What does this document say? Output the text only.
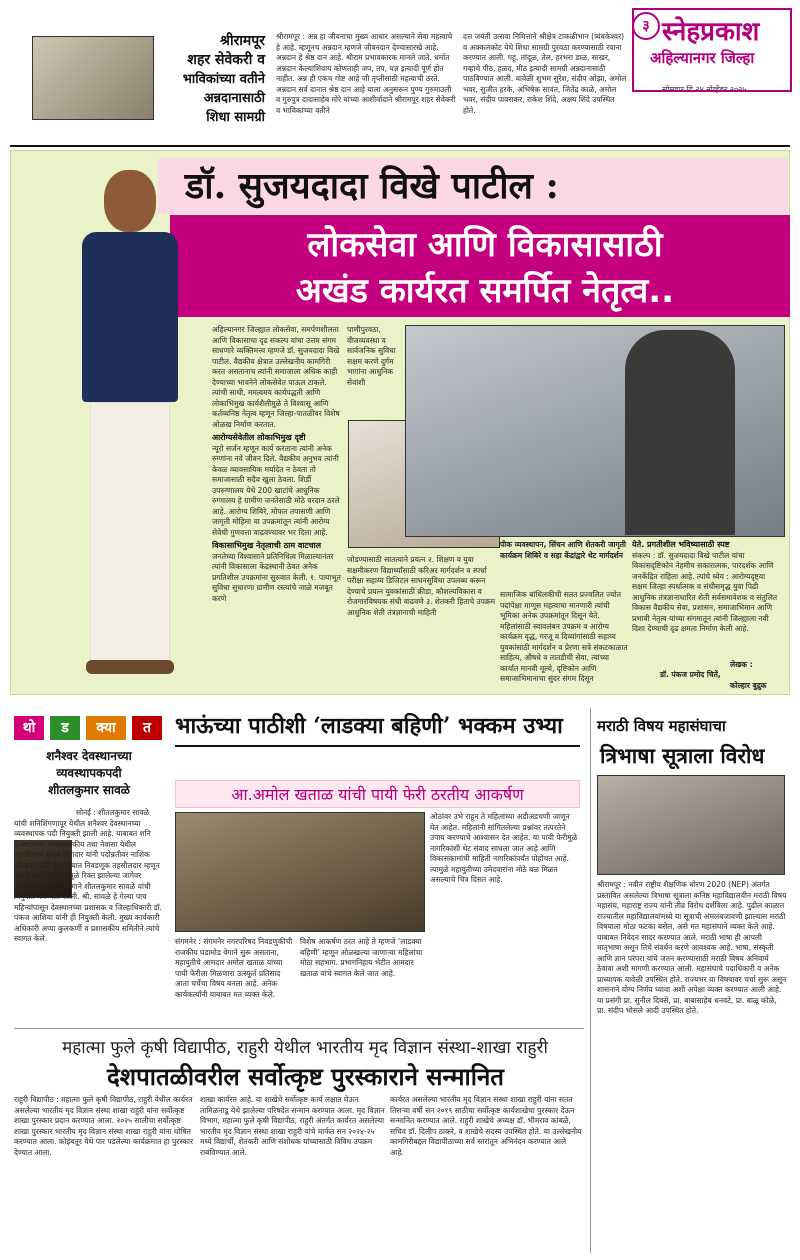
श्रीरामपूर
शहर सेवेकरी व
भाविकांच्या वतीने
अन्नदानासाठी
शिधा सामग्री
श्रीरामपूर : अन्न हा जीवनाचा मुख्य आधार असल्याने सेवा महत्वाचे हे आहे. म्हणूनच अन्नदान म्हणजे जीवनदान देण्यासारखे आहे. अन्नदान हे श्रेष्ठ दान आहे. श्रीराम प्रभावकारक मानले जाते. धर्मात अन्नदान केल्याशिवाय कोणताही जप, तप, यज्ञ इत्यादी पूर्ण होत नाहीत. अन्न ही एकच गोष्ट आहे जी तृप्तीसाठी महत्वाची ठरते. अन्नदान सर्व दानात श्रेष्ठ दान आहे याला अनुसरून पुण्य गुरुमाउली व गुरुपुत्र दादासाहेब मोरे यांच्या आशीर्वादाने श्रीरामपूर शहर सेवेकरी व भाविकांच्या वतीने
दत्त जयंती उत्सवा निमित्ताने श्रीक्षेत्र टाकळीभान (त्र्यंबकेश्वर) व अक्कलकोट येथे शिधा सामग्री पुरवठा करण्यासाठी रवाना करण्यात आली. गहू, तांदूळ, तेल, हरभरा डाळ, साखर, गव्हाचे पीठ, हळद, मीठ इत्यादी सामग्री अन्नदानासाठी पाठविण्यात आली. यावेळी शुभम सुरेश, संदीप ओझा, अमोल भवर, सुजीत हरके, अभिषेक सावंत, जितेंद्र काळे, अमोल भवर, संदीप पावसकर, राकेश शिंदे, अक्षय शिंदे उपस्थित होते.
३ स्नेहप्रकाश
अहिल्यानगर जिल्हा
सोमवार दि.२४ नोव्हेंबर २०२५
डॉ. सुजयदादा विखे पाटील :
लोकसेवा आणि विकासासाठी
अखंड कार्यरत समर्पित नेतृत्व..
अहिल्यानगर जिल्ह्यात लोकसेवा, समर्पणशीलता आणि विकासाचा दृढ संकल्प यांचा उत्तम संगम साधणारे व्यक्तिमत्त्व म्हणजे डॉ. सुजयदादा विखे पाटील. वैद्यकीय क्षेत्रात उल्लेखनीय कामगिरी करत असतानाच त्यांनी समाजाला अधिक काही देण्याच्या भावनेने लोकसेवेत पाऊल टाकले. त्यांची साधी, ममत्वमय कार्यपद्धती आणि लोकाभिमुख कार्यशैलीमुळे ते विश्वासू आणि कर्तव्यनिष्ठ नेतृत्व म्हणून जिल्हा-पातळीवर विशेष ओळख निर्माण करतात.
आरोग्यसेवेतील लोकाभिमुख दृष्टी
न्यूरो सर्जन म्हणून कार्य करताना त्यांनी अनेक रुग्णांना नवे जीवन दिले. वैद्यकीय अनुभव त्यांनी केवळ व्यावसायिक मर्यादेत न ठेवता तो समाजासाठी सदैव खुला ठेवला. शिर्डी उपरुग्णालय येथे 200 खाटांचे आधुनिक रुग्णालय हे ग्रामीण जनतेसाठी मोठे वरदान ठरले आहे. आरोग्य शिबिरे, मोफत तपासणी आणि जागृती मोहिमा या उपक्रमांतून त्यांनी आरोग्य सेवेची गुणवत्ता वाढवण्यावर भर दिला आहे.
विकासाभिमुख नेतृत्वाची ठाम वाटचाल
जनतेच्या विश्वासाने प्रतिनिधित्व मिळाल्यानंतर त्यांनी विकासाला केंद्रस्थानी ठेवत अनेक प्रगतिशील उपक्रमांना सुरुवात केली. १. पायाभूत सुविधा सुधारणा ग्रामीण रस्त्यांचे जाळे मजबूत करणे
पाणीपुरवठा, वीजव्यवस्था व सार्वजनिक सुविधा सक्षम करणे दुर्गम भागांना आधुनिक सेवांशी
जोडण्यासाठी सातत्याने प्रयत्न २. शिक्षण व युवा सक्षमीकरण विद्यार्थ्यांसाठी करिअर मार्गदर्शन व स्पर्धा परीक्षा सहाय्य डिजिटल साधनसुविधा उपलब्ध करून देण्याचे प्रयत्न युवकांसाठी क्रीडा, कौशल्यविकास व रोजगारविषयक संधी वाढवणे ३. शेतकरी हिताचे उपक्रम आधुनिक शेती तंत्रज्ञानाची माहिती
पीक व्यवस्थापन, सिंचन आणि शेतकरी जागृती कार्यक्रम शिबिरे व सहा केंद्रांद्वारे थेट मार्गदर्शन
सामाजिक बांधिलकीची सतत प्रज्वलित ज्योत पदांपेक्षा माणूस महत्वाचा मानणारी त्यांची भूमिका अनेक उपक्रमांतून दिसून येते. महिलांसाठी स्वावलंबन उपक्रम व आरोग्य कार्यक्रम वृद्ध, गरजू व दिव्यांगांसाठी सहाय्य युवकांसाठी मार्गदर्शन व प्रेरणा सत्रे संकटकाळात साहित्य, औषधे व तातडीची सेवा, त्यांच्या कार्यात मानवी मूल्ये, दृष्टिकोन आणि समाजाभिमानाचा सुंदर संगम दिसून
येते. प्रगतीशील भविष्यासाठी स्पष्ट
संकल्प : डॉ. सुजयदादा विखे पाटील यांचा विकासदृष्टिकोन नेहमीच सकारात्मक, पारदर्शक आणि जनकेंद्रित राहिला आहे. त्यांचे ध्येय : आरोग्यदृष्ट्या सक्षम जिल्हा स्पर्धात्मक व संधीसमृद्ध युवा पिढी आधुनिक तंत्रज्ञानाधारित शेती सर्वसमावेशक व संतुलित विकास वैद्यकीय सेवा, प्रशासन, समाजाभिमान आणि प्रभावी नेतृत्व यांच्या संगमातून त्यांनी जिल्ह्याला नवी दिशा देण्याची दृढ क्षमता निर्माण केली आहे.
लेखक :
डॉ. पंकज प्रमोद चितें,
कोल्हार बुद्रुक
थो	ड	क्या	त
शनैश्वर देवस्थानच्या
व्यवस्थापकपदी
शीतलकुमार सावळे
सोनई : शीतलकुमार सावळे यांची शनिशिंगणापूर येथील शनैश्वर देवस्थानच्या व्यवस्थापक पदी नियुक्ती झाली आहे. याबाबत शनि देवस्थानच्या व्यवस्थापकीय तथा नेवासा येथील तहसीलदार संजय बिरादार यांनी पदोन्नतीवर नाशिक जिल्हाधिकारी कार्यालयात निवडणूक तहसीलदार म्हणून बदली झाली असल्यामुळे रिक्त झालेल्या जागेवर तहसीलदार संघ आयोगाने शीतलकुमार सावळे यांची नियुक्ती करण्यात आली. श्री. सावळे हे गेल्या पाच महिन्यांपासून देवस्थानच्या प्रशासक व जिल्हाधिकारी डॉ. पंकज आशिया यांनी ही नियुक्ती केली. मुख्य कार्यकारी अधिकारी अप्पा कुलकर्णी व प्रशासकीय समितीने त्यांचे स्वागत केले.
भाऊंच्या पाठीशी ‘लाडक्या बहिणी’ भक्कम उभ्या
आ.अमोल खताळ यांची पायी फेरी ठरतीय आकर्षण
ओठांवर उभे राहून ते महिलांच्या अडीअडचणी जाणून घेत आहेत. महिलांनी सांगितलेल्या प्रश्नांवर तत्परतेने उपाय करण्याचे आश्वासन देत आहेत. या पायी फेरीमुळे नागरिकांशी थेट संवाद साधला जात आहे आणि विकासकामांची माहिती नागरिकांपर्यंत पोहोचत आहे. त्यामुळे महायुतीच्या उमेदवारांना मोठे बळ मिळत असल्याचे चित्र दिसत आहे.
संगमनेर : संगमनेर नगरपरिषद निवडणुकीची राजकीय घडामोड वेगाने सुरू असताना, महायुतीचे आमदार अमोल खताळ यांच्या पायी फेरीला मिळणारा उत्स्फूर्त प्रतिसाद आता चर्चेचा विषय बनला आहे. अनेक कार्यकर्त्यांनी याबाबत मत व्यक्त केले.
विशेष आकर्षण ठरत आहे ते म्हणजे ‘लाडक्या बहिणी’ म्हणून ओळखल्या जाणाऱ्या महिलांचा मोठा सहभाग. प्रभागनिहाय भेटीत आमदार खताळ यांचे स्वागत केले जात आहे.
मराठी विषय महासंघाचा
त्रिभाषा सूत्राला विरोध
श्रीरामपूर : नवीन राष्ट्रीय शैक्षणिक धोरण 2020 (NEP) अंतर्गत प्रस्तावित असलेल्या त्रिभाषा सूत्राला कनिष्ठ महाविद्यालयीन मराठी विषय महासंघ, महाराष्ट्र राज्य यांनी तीव्र विरोध दर्शविला आहे. पुढील काळात राज्यातील महाविद्यालयांमध्ये या सूत्राची अंमलबजावणी झाल्यास मराठी विषयाला मोठा फटका बसेल, असे मत महासंघाने व्यक्त केले आहे. याबाबत निवेदन सादर करण्यात आले. मराठी भाषा ही आपली मातृभाषा असून तिचे संवर्धन करणे आवश्यक आहे. भाषा, संस्कृती आणि ज्ञान परंपरा यांचे जतन करण्यासाठी मराठी विषय अनिवार्य ठेवावा अशी मागणी करण्यात आली. महासंघाचे पदाधिकारी व अनेक प्राध्यापक यावेळी उपस्थित होते. राज्यभर या विषयावर चर्चा सुरू असून शासनाने योग्य निर्णय घ्यावा अशी अपेक्षा व्यक्त करण्यात आली आहे. या प्रसंगी प्रा. सुनील दिवसे, प्रा. बाबासाहेब धनवटे, प्रा. बाळू कोळे, प्रा. संदीप भोसले आदी उपस्थित होते.
महात्मा फुले कृषी विद्यापीठ, राहुरी येथील भारतीय मृद विज्ञान संस्था-शाखा राहुरी
देशपातळीवरील सर्वोत्कृष्ट पुरस्काराने सन्मानित
राहुरी विद्यापीठ : महात्मा फुले कृषी विद्यापीठ, राहुरी येथील कार्यरत असलेल्या भारतीय मृद विज्ञान संस्था शाखा राहुरी यांना सर्वोत्कृष्ट शाखा पुरस्कार प्रदान करण्यात आला. २०२५ सालीचा सर्वोत्कृष्ट शाखा पुरस्कार भारतीय मृद विज्ञान संस्था शाखा राहुरी यांना घोषित करण्यात आला. कोइंबतूर येथे पार पडलेल्या कार्यक्रमात हा पुरस्कार देण्यात आला.
शाखा कार्यरत आहे. या शाखेचे सर्वोत्कृष्ट कार्य लक्षात घेऊन तामिळनाडू येथे झालेल्या परिषदेत सन्मान करण्यात आला. मृद विज्ञान विभाग, महात्मा फुले कृषी विद्यापीठ, राहुरी अंतर्गत कार्यरत असलेल्या भारतीय मृद विज्ञान संस्था शाखा राहुरी यांचे मार्फत सन २०२४-२५ मध्ये विद्यार्थी, शेतकरी आणि संशोधक यांच्यासाठी विविध उपक्रम राबविण्यात आले.
कार्यरत असलेल्या भारतीय मृद विज्ञान संस्था शाखा राहुरी यांना सतत तिसऱ्या वर्षी सन २०१९ साठीचा सर्वोत्कृष्ट कार्यशाखेचा पुरस्कार देऊन सन्मानित करण्यात आले. राहुरी शाखेचे अध्यक्ष डॉ. भीमराव कांबळे, सचिव डॉ. दिलीप ठाकरे, व शाखेचे सदस्य उपस्थित होते. या उल्लेखनीय कामगिरीबद्दल विद्यापीठाच्या सर्व स्तरांतून अभिनंदन करण्यात आले आहे.
